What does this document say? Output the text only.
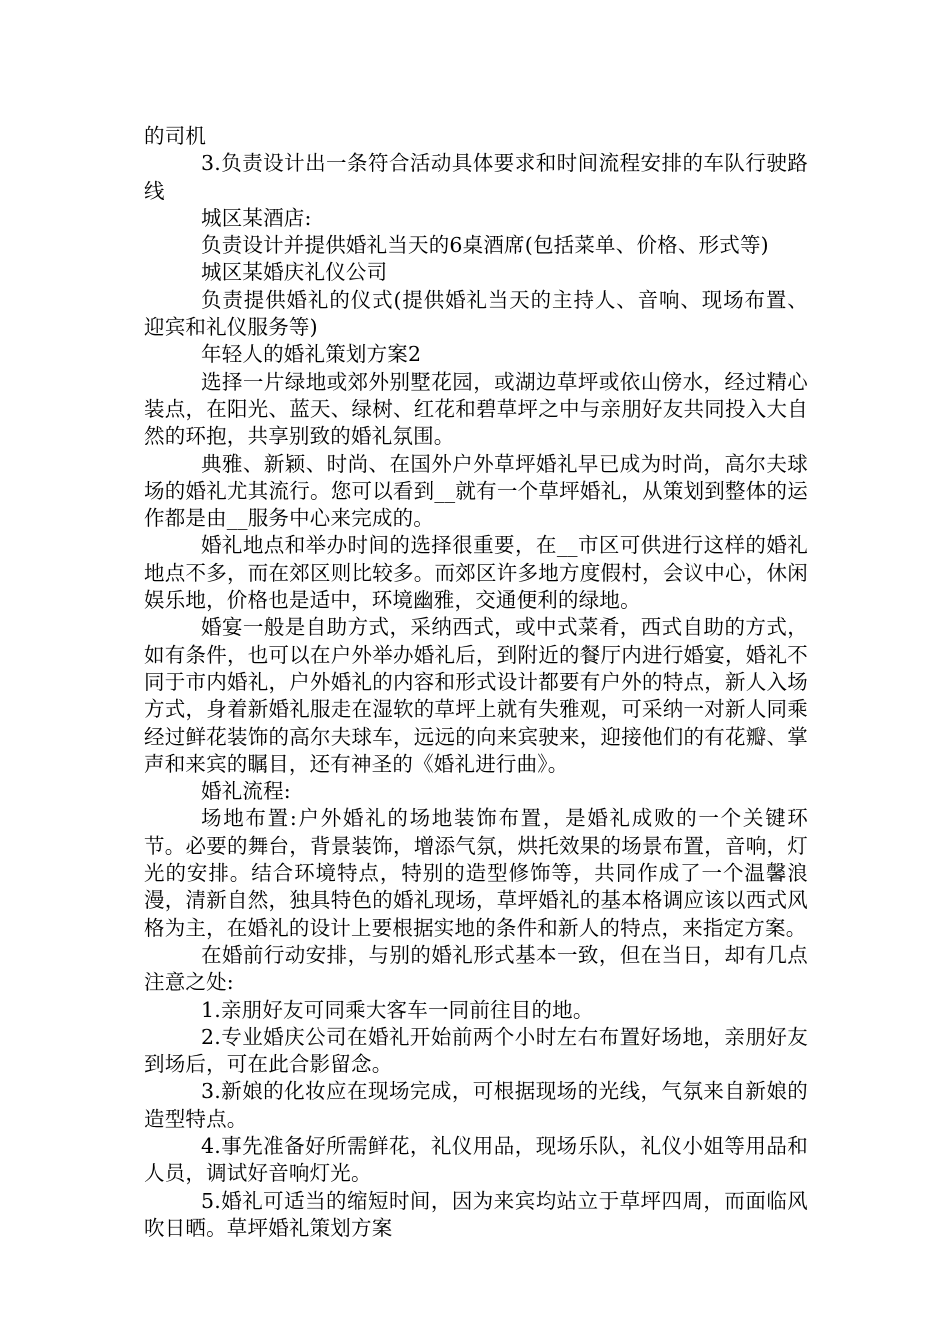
的司机

3.负责设计出一条符合活动具体要求和时间流程安排的车队行驶路线

城区某酒店:

负责设计并提供婚礼当天的6桌酒席(包括菜单、价格、形式等)

城区某婚庆礼仪公司

负责提供婚礼的仪式(提供婚礼当天的主持人、音响、现场布置、迎宾和礼仪服务等)

年轻人的婚礼策划方案2

选择一片绿地或郊外别墅花园，或湖边草坪或依山傍水，经过精心装点，在阳光、蓝天、绿树、红花和碧草坪之中与亲朋好友共同投入大自然的环抱，共享别致的婚礼氛围。

典雅、新颖、时尚、在国外户外草坪婚礼早已成为时尚，高尔夫球场的婚礼尤其流行。您可以看到__就有一个草坪婚礼，从策划到整体的运作都是由__服务中心来完成的。

婚礼地点和举办时间的选择很重要，在__市区可供进行这样的婚礼地点不多，而在郊区则比较多。而郊区许多地方度假村，会议中心，休闲娱乐地，价格也是适中，环境幽雅，交通便利的绿地。

婚宴一般是自助方式，采纳西式，或中式菜肴，西式自助的方式，如有条件，也可以在户外举办婚礼后，到附近的餐厅内进行婚宴，婚礼不同于市内婚礼，户外婚礼的内容和形式设计都要有户外的特点，新人入场方式，身着新婚礼服走在湿软的草坪上就有失雅观，可采纳一对新人同乘经过鲜花装饰的高尔夫球车，远远的向来宾驶来，迎接他们的有花瓣、掌声和来宾的瞩目，还有神圣的《婚礼进行曲》。

婚礼流程:

场地布置:户外婚礼的场地装饰布置，是婚礼成败的一个关键环节。必要的舞台，背景装饰，增添气氛，烘托效果的场景布置，音响，灯光的安排。结合环境特点，特别的造型修饰等，共同作成了一个温馨浪漫，清新自然，独具特色的婚礼现场，草坪婚礼的基本格调应该以西式风格为主，在婚礼的设计上要根据实地的条件和新人的特点，来指定方案。

在婚前行动安排，与别的婚礼形式基本一致，但在当日，却有几点注意之处:

1.亲朋好友可同乘大客车一同前往目的地。

2.专业婚庆公司在婚礼开始前两个小时左右布置好场地，亲朋好友到场后，可在此合影留念。

3.新娘的化妆应在现场完成，可根据现场的光线，气氛来自新娘的造型特点。

4.事先准备好所需鲜花，礼仪用品，现场乐队，礼仪小姐等用品和人员，调试好音响灯光。

5.婚礼可适当的缩短时间，因为来宾均站立于草坪四周，而面临风吹日晒。草坪婚礼策划方案
